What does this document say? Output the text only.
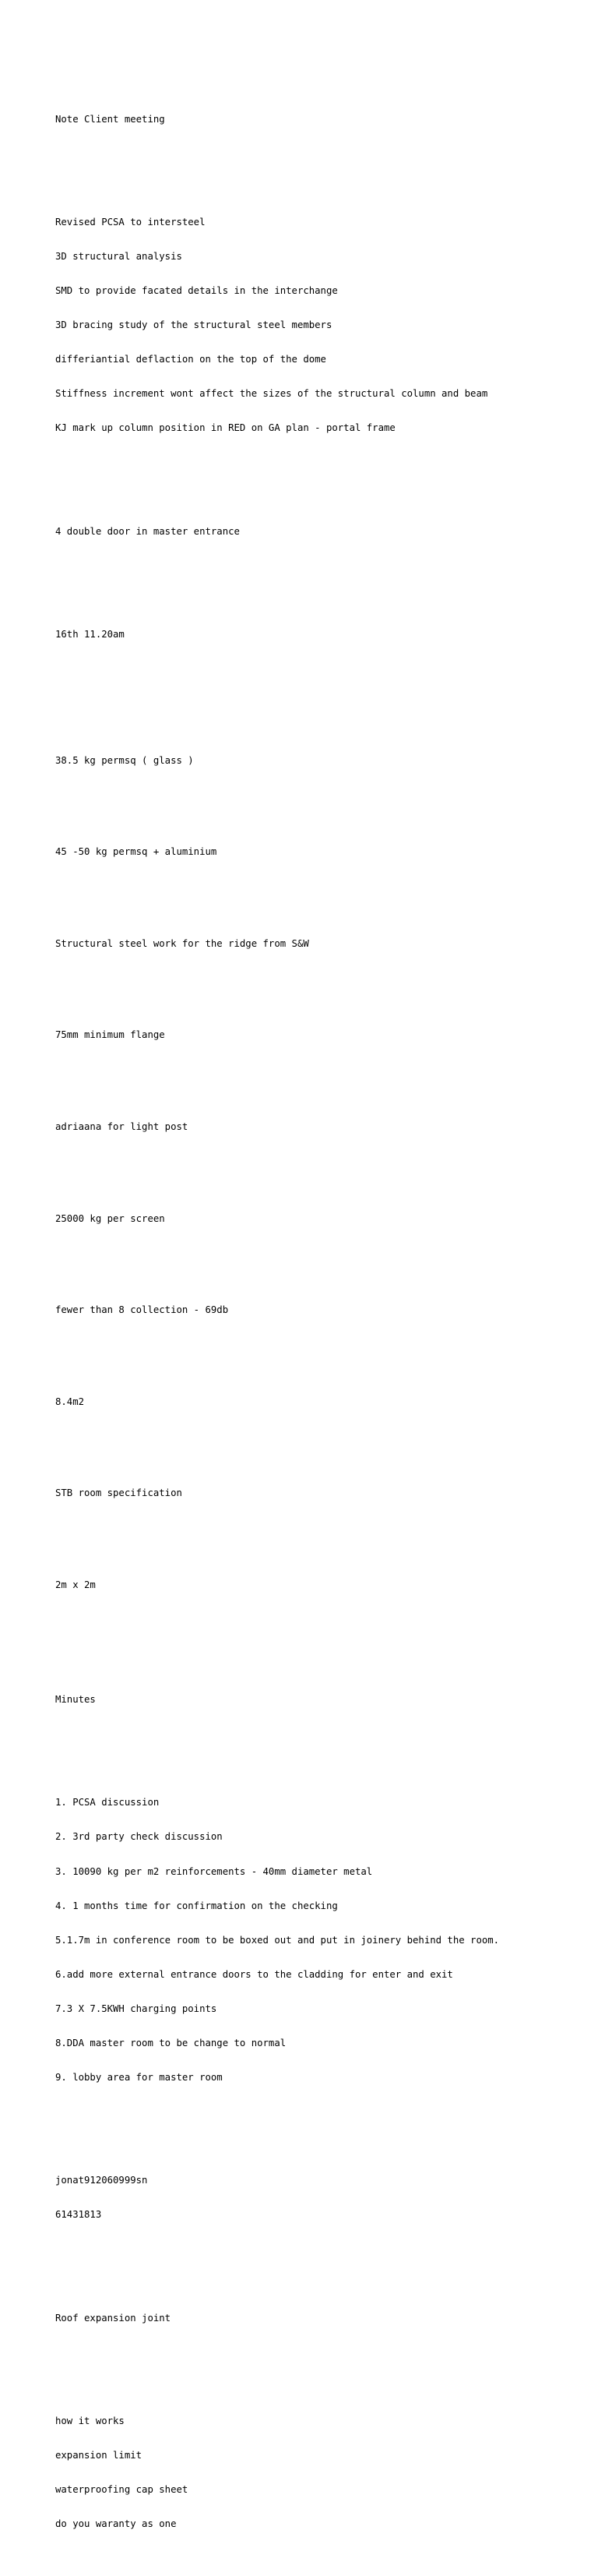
Note Client meeting

Revised PCSA to intersteel

3D structural analysis

SMD to provide facated details in the interchange

3D bracing study of the structural steel members

differiantial deflaction on the top of the dome

Stiffness increment wont affect the sizes of the structural column and beam

KJ mark up column position in RED on GA plan - portal frame

4 double door in master entrance

16th 11.20am

38.5 kg permsq ( glass )

45 -50 kg permsq + aluminium

Structural steel work for the ridge from S&W

75mm minimum flange

adriaana for light post

25000 kg per screen

fewer than 8 collection - 69db

8.4m2

STB room specification

2m x 2m

Minutes

1. PCSA discussion

2. 3rd party check discussion

3. 10090 kg per m2 reinforcements - 40mm diameter metal

4. 1 months time for confirmation on the checking

5.1.7m in conference room to be boxed out and put in joinery behind the room.

6.add more external entrance doors to the cladding for enter and exit

7.3 X 7.5KWH charging points

8.DDA master room to be change to normal

9. lobby area for master room

jonat912060999sn

61431813

Roof expansion joint

how it works

expansion limit

waterproofing cap sheet

do you waranty as one
